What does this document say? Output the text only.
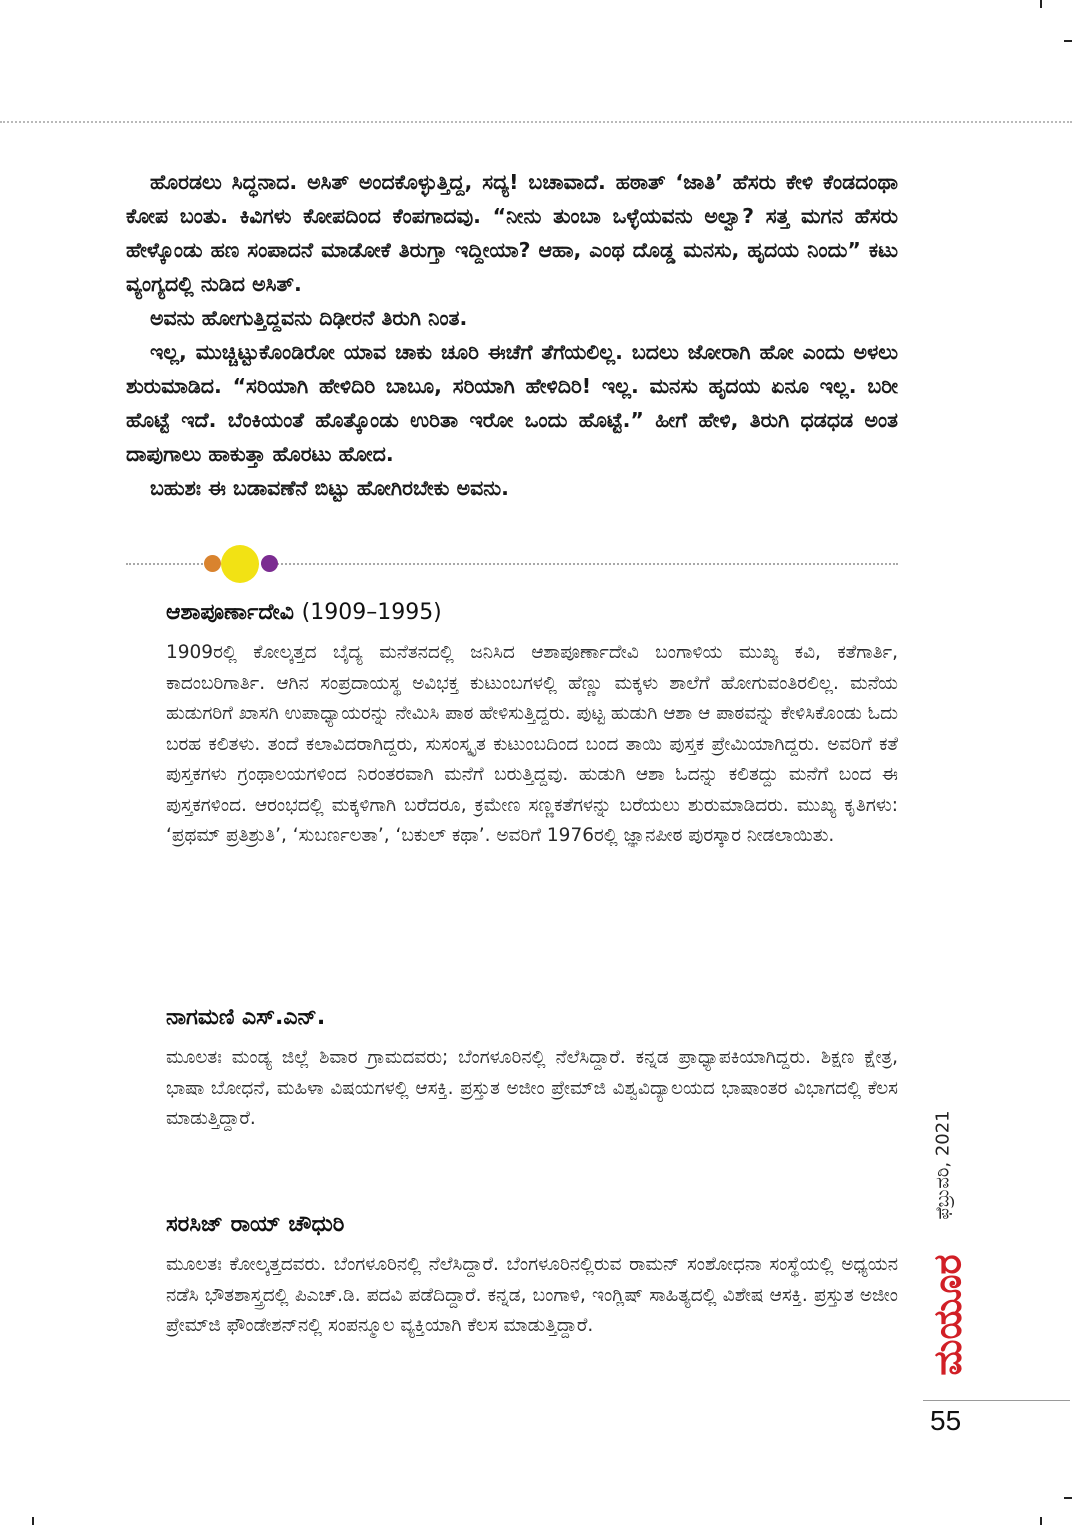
ಹೊರಡಲು ಸಿದ್ಧನಾದ. ಅಸಿತ್ ಅಂದಕೊಳ್ಳುತ್ತಿದ್ದ, ಸದ್ಯ! ಬಚಾವಾದೆ. ಹಠಾತ್ ‘ಜಾತಿ’ ಹೆಸರು ಕೇಳಿ ಕೆಂಡದಂಥಾ ಕೋಪ ಬಂತು. ಕಿವಿಗಳು ಕೋಪದಿಂದ ಕೆಂಪಗಾದವು. “ನೀನು ತುಂಬಾ ಒಳ್ಳೆಯವನು ಅಲ್ವಾ? ಸತ್ತ ಮಗನ ಹೆಸರು ಹೇಳ್ಕೊಂಡು ಹಣ ಸಂಪಾದನೆ ಮಾಡೋಕೆ ತಿರುಗ್ತಾ ಇದ್ದೀಯಾ? ಆಹಾ, ಎಂಥ ದೊಡ್ಡ ಮನಸು, ಹೃದಯ ನಿಂದು” ಕಟು ವ್ಯಂಗ್ಯದಲ್ಲಿ ನುಡಿದ ಅಸಿತ್.

ಅವನು ಹೋಗುತ್ತಿದ್ದವನು ದಿಢೀರನೆ ತಿರುಗಿ ನಿಂತ.

ಇಲ್ಲ, ಮುಚ್ಚಿಟ್ಟುಕೊಂಡಿರೋ ಯಾವ ಚಾಕು ಚೂರಿ ಈಚೆಗೆ ತೆಗೆಯಲಿಲ್ಲ. ಬದಲು ಜೋರಾಗಿ ಹೋ ಎಂದು ಅಳಲು ಶುರುಮಾಡಿದ. “ಸರಿಯಾಗಿ ಹೇಳಿದಿರಿ ಬಾಬೂ, ಸರಿಯಾಗಿ ಹೇಳಿದಿರಿ! ಇಲ್ಲ. ಮನಸು ಹೃದಯ ಏನೂ ಇಲ್ಲ. ಬರೀ ಹೊಟ್ಟೆ ಇದೆ. ಬೆಂಕಿಯಂತೆ ಹೊತ್ಕೊಂಡು ಉರಿತಾ ಇರೋ ಒಂದು ಹೊಟ್ಟೆ.” ಹೀಗೆ ಹೇಳಿ, ತಿರುಗಿ ಧಡಧಡ ಅಂತ ದಾಪುಗಾಲು ಹಾಕುತ್ತಾ ಹೊರಟು ಹೋದ.

ಬಹುಶಃ ಈ ಬಡಾವಣೆನೆ ಬಿಟ್ಟು ಹೋಗಿರಬೇಕು ಅವನು.

ಆಶಾಪೂರ್ಣಾದೇವಿ (1909–1995)

1909ರಲ್ಲಿ ಕೋಲ್ಕತ್ತದ ಬೈದ್ಯ ಮನೆತನದಲ್ಲಿ ಜನಿಸಿದ ಆಶಾಪೂರ್ಣಾದೇವಿ ಬಂಗಾಳಿಯ ಮುಖ್ಯ ಕವಿ, ಕತೆಗಾರ್ತಿ, ಕಾದಂಬರಿಗಾರ್ತಿ. ಆಗಿನ ಸಂಪ್ರದಾಯಸ್ಥ ಅವಿಭಕ್ತ ಕುಟುಂಬಗಳಲ್ಲಿ ಹೆಣ್ಣು ಮಕ್ಕಳು ಶಾಲೆಗೆ ಹೋಗುವಂತಿರಲಿಲ್ಲ. ಮನೆಯ ಹುಡುಗರಿಗೆ ಖಾಸಗಿ ಉಪಾಧ್ಯಾಯರನ್ನು ನೇಮಿಸಿ ಪಾಠ ಹೇಳಿಸುತ್ತಿದ್ದರು. ಪುಟ್ಟ ಹುಡುಗಿ ಆಶಾ ಆ ಪಾಠವನ್ನು ಕೇಳಿಸಿಕೊಂಡು ಓದು ಬರಹ ಕಲಿತಳು. ತಂದೆ ಕಲಾವಿದರಾಗಿದ್ದರು, ಸುಸಂಸ್ಕೃತ ಕುಟುಂಬದಿಂದ ಬಂದ ತಾಯಿ ಪುಸ್ತಕ ಪ್ರೇಮಿಯಾಗಿದ್ದರು. ಅವರಿಗೆ ಕತೆ ಪುಸ್ತಕಗಳು ಗ್ರಂಥಾಲಯಗಳಿಂದ ನಿರಂತರವಾಗಿ ಮನೆಗೆ ಬರುತ್ತಿದ್ದವು. ಹುಡುಗಿ ಆಶಾ ಓದನ್ನು ಕಲಿತದ್ದು ಮನೆಗೆ ಬಂದ ಈ ಪುಸ್ತಕಗಳಿಂದ. ಆರಂಭದಲ್ಲಿ ಮಕ್ಕಳಿಗಾಗಿ ಬರೆದರೂ, ಕ್ರಮೇಣ ಸಣ್ಣಕತೆಗಳನ್ನು ಬರೆಯಲು ಶುರುಮಾಡಿದರು. ಮುಖ್ಯ ಕೃತಿಗಳು: ‘ಪ್ರಥಮ್ ಪ್ರತಿಶ್ರುತಿ’, ‘ಸುಬರ್ಣಲತಾ’, ‘ಬಕುಲ್ ಕಥಾ’. ಅವರಿಗೆ 1976ರಲ್ಲಿ ಜ್ಞಾನಪೀಠ ಪುರಸ್ಕಾರ ನೀಡಲಾಯಿತು.

ನಾಗಮಣಿ ಎಸ್.ಎನ್.

ಮೂಲತಃ ಮಂಡ್ಯ ಜಿಲ್ಲೆ ಶಿವಾರ ಗ್ರಾಮದವರು; ಬೆಂಗಳೂರಿನಲ್ಲಿ ನೆಲೆಸಿದ್ದಾರೆ. ಕನ್ನಡ ಪ್ರಾಧ್ಯಾಪಕಿಯಾಗಿದ್ದರು. ಶಿಕ್ಷಣ ಕ್ಷೇತ್ರ, ಭಾಷಾ ಬೋಧನೆ, ಮಹಿಳಾ ವಿಷಯಗಳಲ್ಲಿ ಆಸಕ್ತಿ. ಪ್ರಸ್ತುತ ಅಜೀಂ ಪ್ರೇಮ್‌ಜಿ ವಿಶ್ವವಿದ್ಯಾಲಯದ ಭಾಷಾಂತರ ವಿಭಾಗದಲ್ಲಿ ಕೆಲಸ ಮಾಡುತ್ತಿದ್ದಾರೆ.

ಸರಸಿಜ್ ರಾಯ್ ಚೌಧುರಿ

ಮೂಲತಃ ಕೋಲ್ಕತ್ತದವರು. ಬೆಂಗಳೂರಿನಲ್ಲಿ ನೆಲೆಸಿದ್ದಾರೆ. ಬೆಂಗಳೂರಿನಲ್ಲಿರುವ ರಾಮನ್ ಸಂಶೋಧನಾ ಸಂಸ್ಥೆಯಲ್ಲಿ ಅಧ್ಯಯನ ನಡೆಸಿ ಭೌತಶಾಸ್ತ್ರದಲ್ಲಿ ಪಿಎಚ್.ಡಿ. ಪದವಿ ಪಡೆದಿದ್ದಾರೆ. ಕನ್ನಡ, ಬಂಗಾಳಿ, ಇಂಗ್ಲಿಷ್ ಸಾಹಿತ್ಯದಲ್ಲಿ ವಿಶೇಷ ಆಸಕ್ತಿ. ಪ್ರಸ್ತುತ ಅಜೀಂ ಪ್ರೇಮ್‌ಜಿ ಫೌಂಡೇಶನ್‌ನಲ್ಲಿ ಸಂಪನ್ಮೂಲ ವ್ಯಕ್ತಿಯಾಗಿ ಕೆಲಸ ಮಾಡುತ್ತಿದ್ದಾರೆ.

ಫೆಬ್ರುವರಿ, 2021
ಮಯೂರ
55
